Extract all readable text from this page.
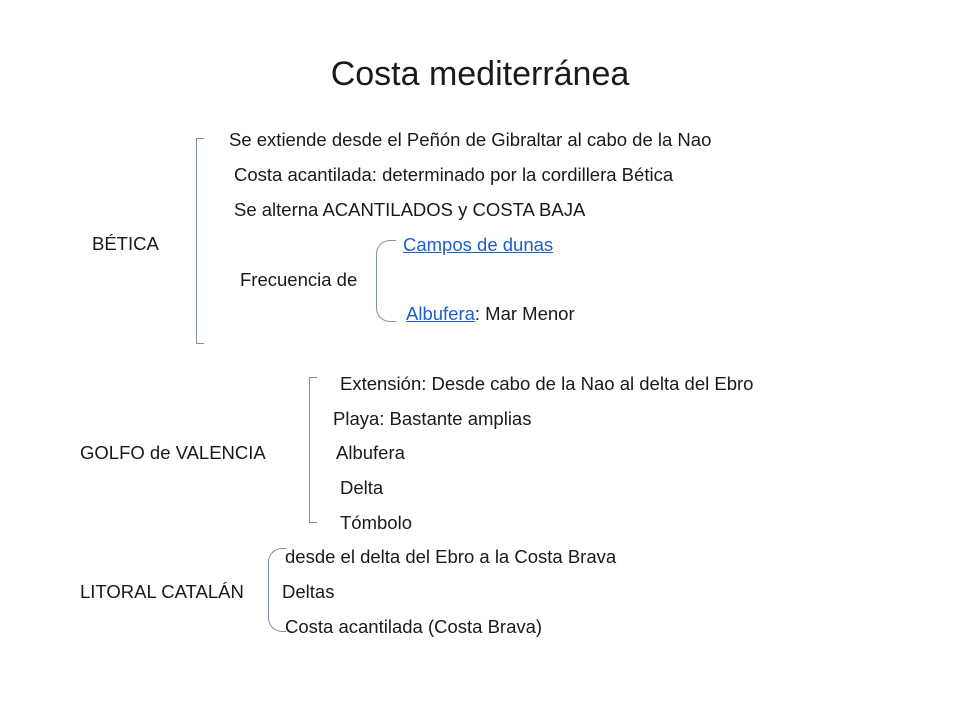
Costa mediterránea
BÉTICA
Se extiende desde el Peñón de Gibraltar al cabo de la Nao
Costa acantilada: determinado por la cordillera Bética
Se alterna ACANTILADOS y COSTA BAJA
Frecuencia de
Campos de dunas
Albufera: Mar Menor
GOLFO de VALENCIA
Extensión: Desde cabo de la Nao al delta del Ebro
Playa: Bastante amplias
Albufera
Delta
Tómbolo
LITORAL CATALÁN
desde el delta del Ebro a la Costa Brava
Deltas
Costa acantilada (Costa Brava)
